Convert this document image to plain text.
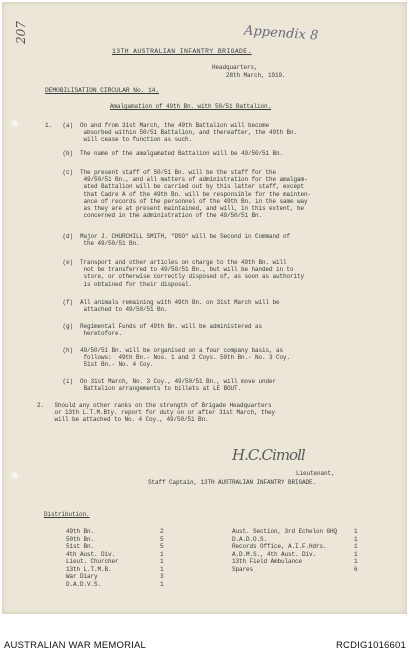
207	Appendix 8
13TH AUSTRALIAN INFANTRY BRIGADE.
Headquarters,
28th March, 1919.
DEMOBILISATION CIRCULAR No. 14.
Amalgamation of 49th Bn. with 50/51 Battalion.
1.   (a)  On and from 31st March, the 49th Battalion will become
absorbed within 50/51 Battalion, and thereafter, the 49th Bn.
will cease to function as such.
(b)  The name of the amalgamated Battalion will be 49/50/51 Bn.
(c)  The present staff of 50/51 Bn. will be the staff for the
49/50/51 Bn., and all matters of administration for the amalgam-
ated Battalion will be carried out by this latter staff, except
that Cadre A of the 49th Bn. will be responsible for the mainten-
ance of records of the personnel of the 49th Bn. in the same way
as they are at present maintained, and will, in this extent, be
concerned in the administration of the 49/50/51 Bn.
(d)  Major J. CHURCHILL SMITH, "DSO" will be Second in Command of
the 49/50/51 Bn.
(e)  Transport and other articles on charge to the 49th Bn. will
not be transferred to 49/50/51 Bn., but will be handed in to
store, or otherwise correctly disposed of, as soon as authority
is obtained for their disposal.
(f)  All animals remaining with 49th Bn. on 31st March will be
attached to 49/50/51 Bn.
(g)  Regimental Funds of 49th Bn. will be administered as
heretofore.
(h)  49/50/51 Bn. will be organised on a four company basis, as
follows:  49th Bn.- Nos. 1 and 2 Coys. 50th Bn.- No. 3 Coy.
51st Bn.- No. 4 Coy.
(i)  On 31st March, No. 3 Coy., 49/50/51 Bn., will move under
Battalion arrangements to billets at LE BOUT.
2.   Should any other ranks on the strength of Brigade Headquarters
or 13th L.T.M.Bty. report for duty on or after 31st March, they
will be attached to No. 4 Coy., 49/50/51 Bn.
H.C.Cimoll
Lieutenant,
Staff Captain, 13TH AUSTRALIAN INFANTRY BRIGADE.
Distribution.
49th Bn.	2
50th Bn.	5
51st Bn.	5
4th Aust. Div.	1
Lieut. Churcher	1
13th L.T.M.B.	1
War Diary	3
D.A.D.V.S.	1
Aust. Section, 3rd Echelon GHQ	1
D.A.D.O.S.	1
Records Office, A.I.F.Hdrs.	1
A.D.M.S., 4th Aust. Div.	1
13th Field Ambulance	1
Spares	6
AUSTRALIAN WAR MEMORIAL	RCDIG1016601
